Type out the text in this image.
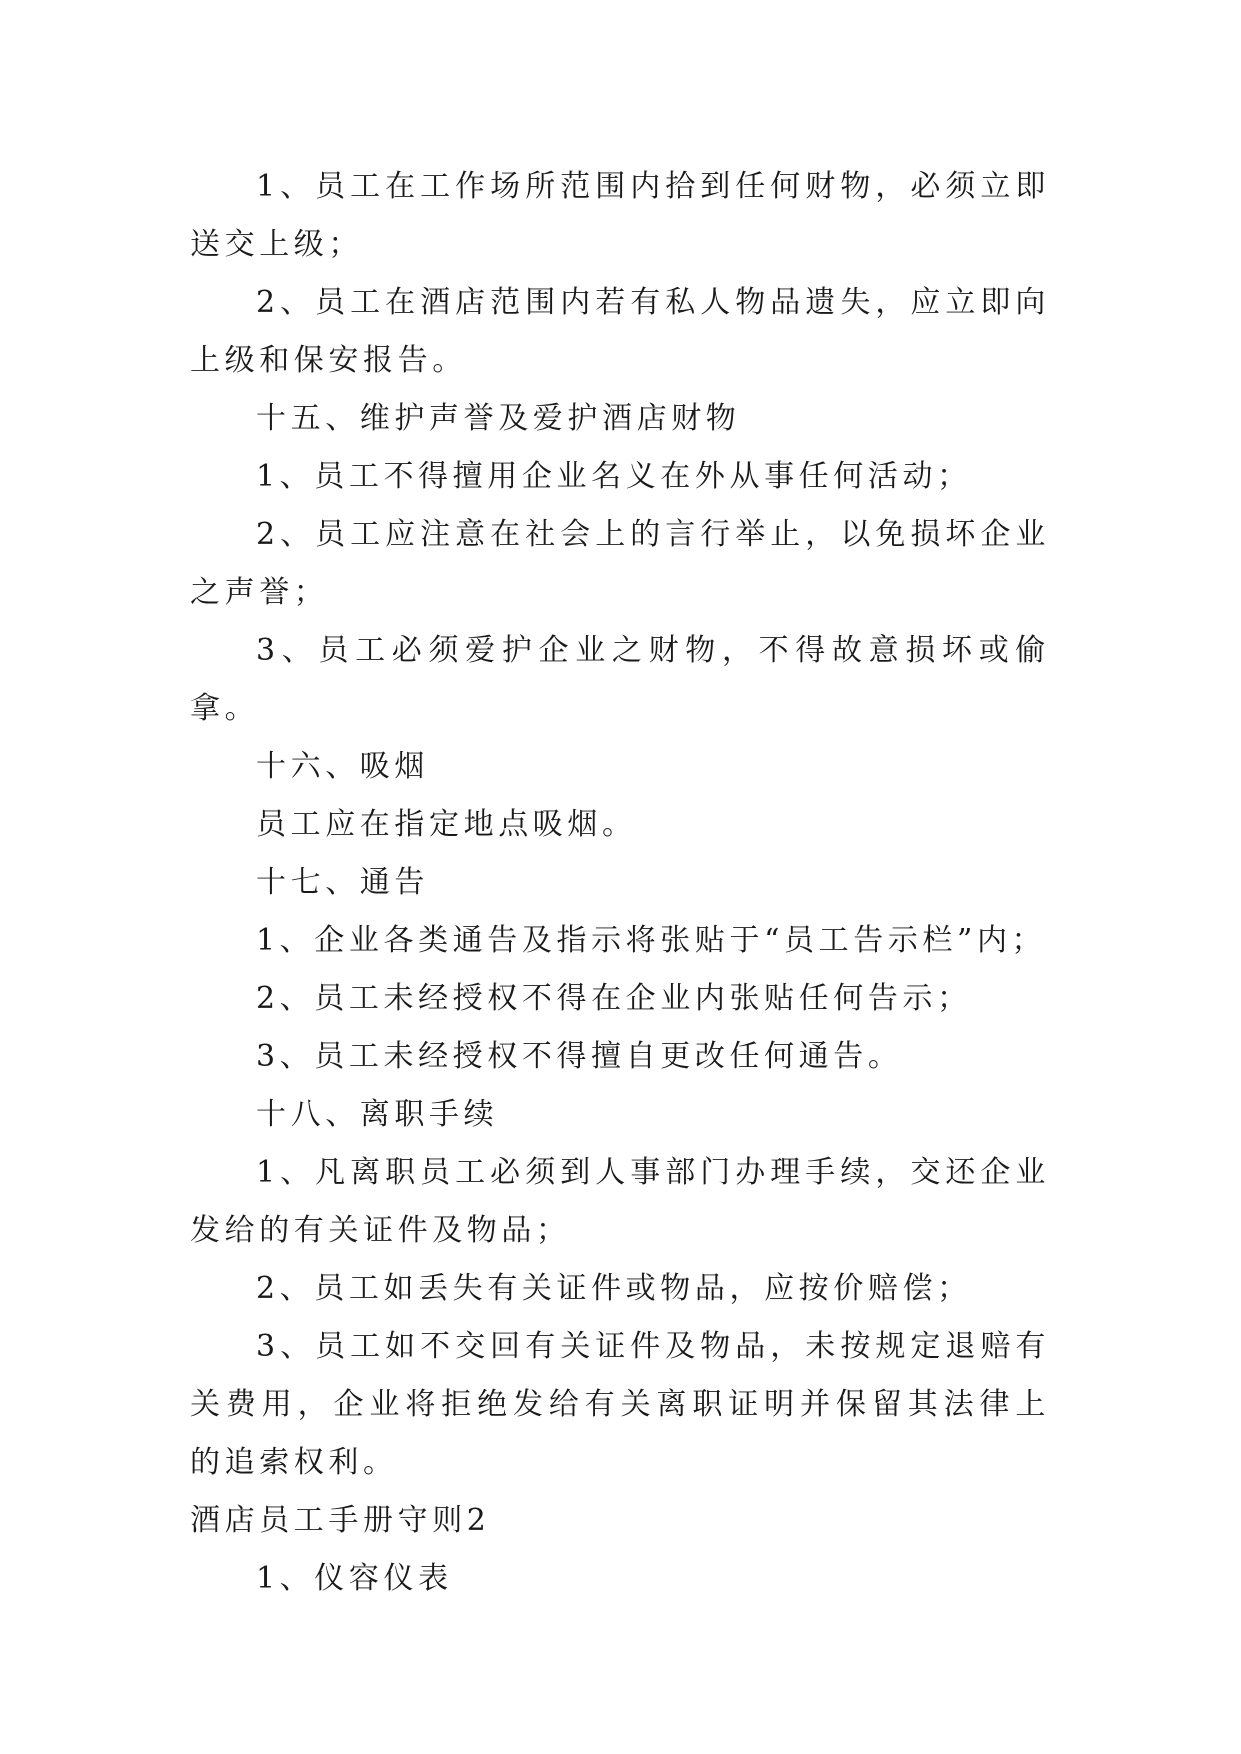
1、员工在工作场所范围内拾到任何财物，必须立即送交上级；

2、员工在酒店范围内若有私人物品遗失，应立即向上级和保安报告。

十五、维护声誉及爱护酒店财物

1、员工不得擅用企业名义在外从事任何活动；

2、员工应注意在社会上的言行举止，以免损坏企业之声誉；

3、员工必须爱护企业之财物，不得故意损坏或偷拿。

十六、吸烟

员工应在指定地点吸烟。

十七、通告

1、企业各类通告及指示将张贴于“员工告示栏”内；

2、员工未经授权不得在企业内张贴任何告示；

3、员工未经授权不得擅自更改任何通告。

十八、离职手续

1、凡离职员工必须到人事部门办理手续，交还企业发给的有关证件及物品；

2、员工如丢失有关证件或物品，应按价赔偿；

3、员工如不交回有关证件及物品，未按规定退赔有关费用，企业将拒绝发给有关离职证明并保留其法律上的追索权利。

酒店员工手册守则2

1、仪容仪表
